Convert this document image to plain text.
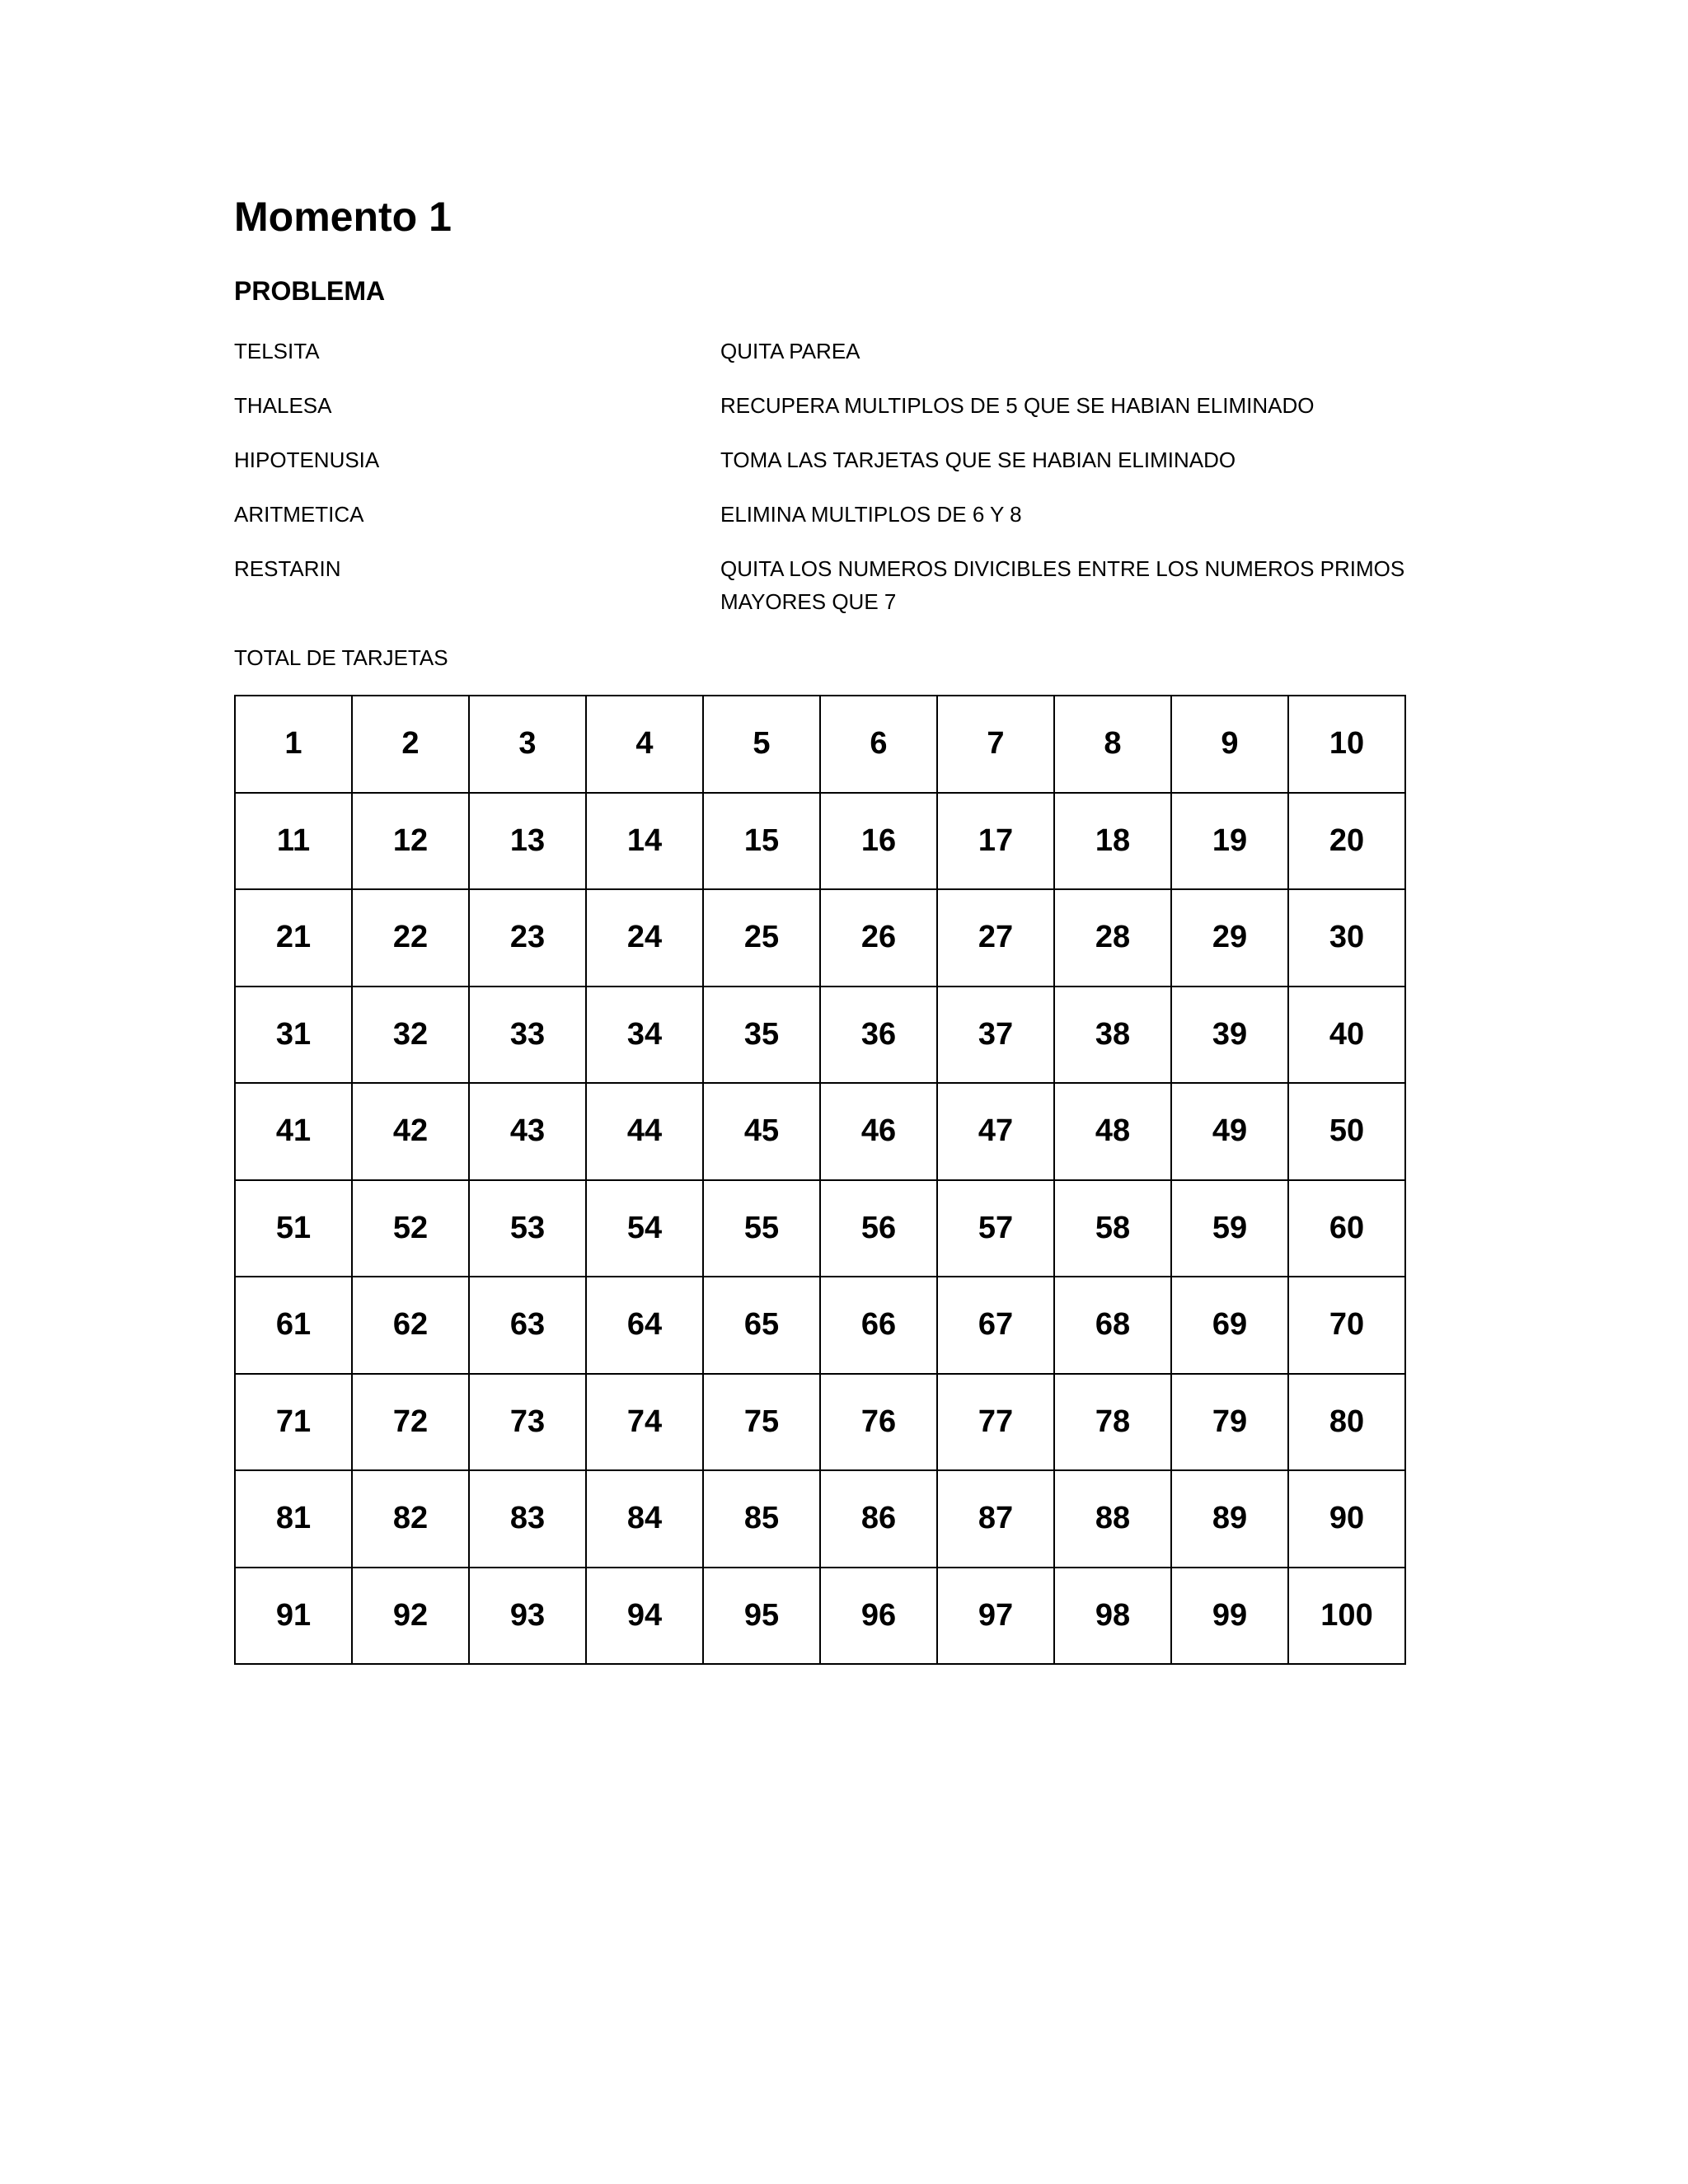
Momento 1
PROBLEMA
TELSITA	QUITA PAREA
THALESA	RECUPERA MULTIPLOS DE 5 QUE SE HABIAN ELIMINADO
HIPOTENUSIA	TOMA LAS TARJETAS QUE SE HABIAN ELIMINADO
ARITMETICA	ELIMINA MULTIPLOS DE 6 Y 8
RESTARIN	QUITA LOS NUMEROS DIVICIBLES ENTRE LOS NUMEROS PRIMOS MAYORES QUE 7
TOTAL DE TARJETAS
1	2	3	4	5	6	7	8	9	10
11	12	13	14	15	16	17	18	19	20
21	22	23	24	25	26	27	28	29	30
31	32	33	34	35	36	37	38	39	40
41	42	43	44	45	46	47	48	49	50
51	52	53	54	55	56	57	58	59	60
61	62	63	64	65	66	67	68	69	70
71	72	73	74	75	76	77	78	79	80
81	82	83	84	85	86	87	88	89	90
91	92	93	94	95	96	97	98	99	100
